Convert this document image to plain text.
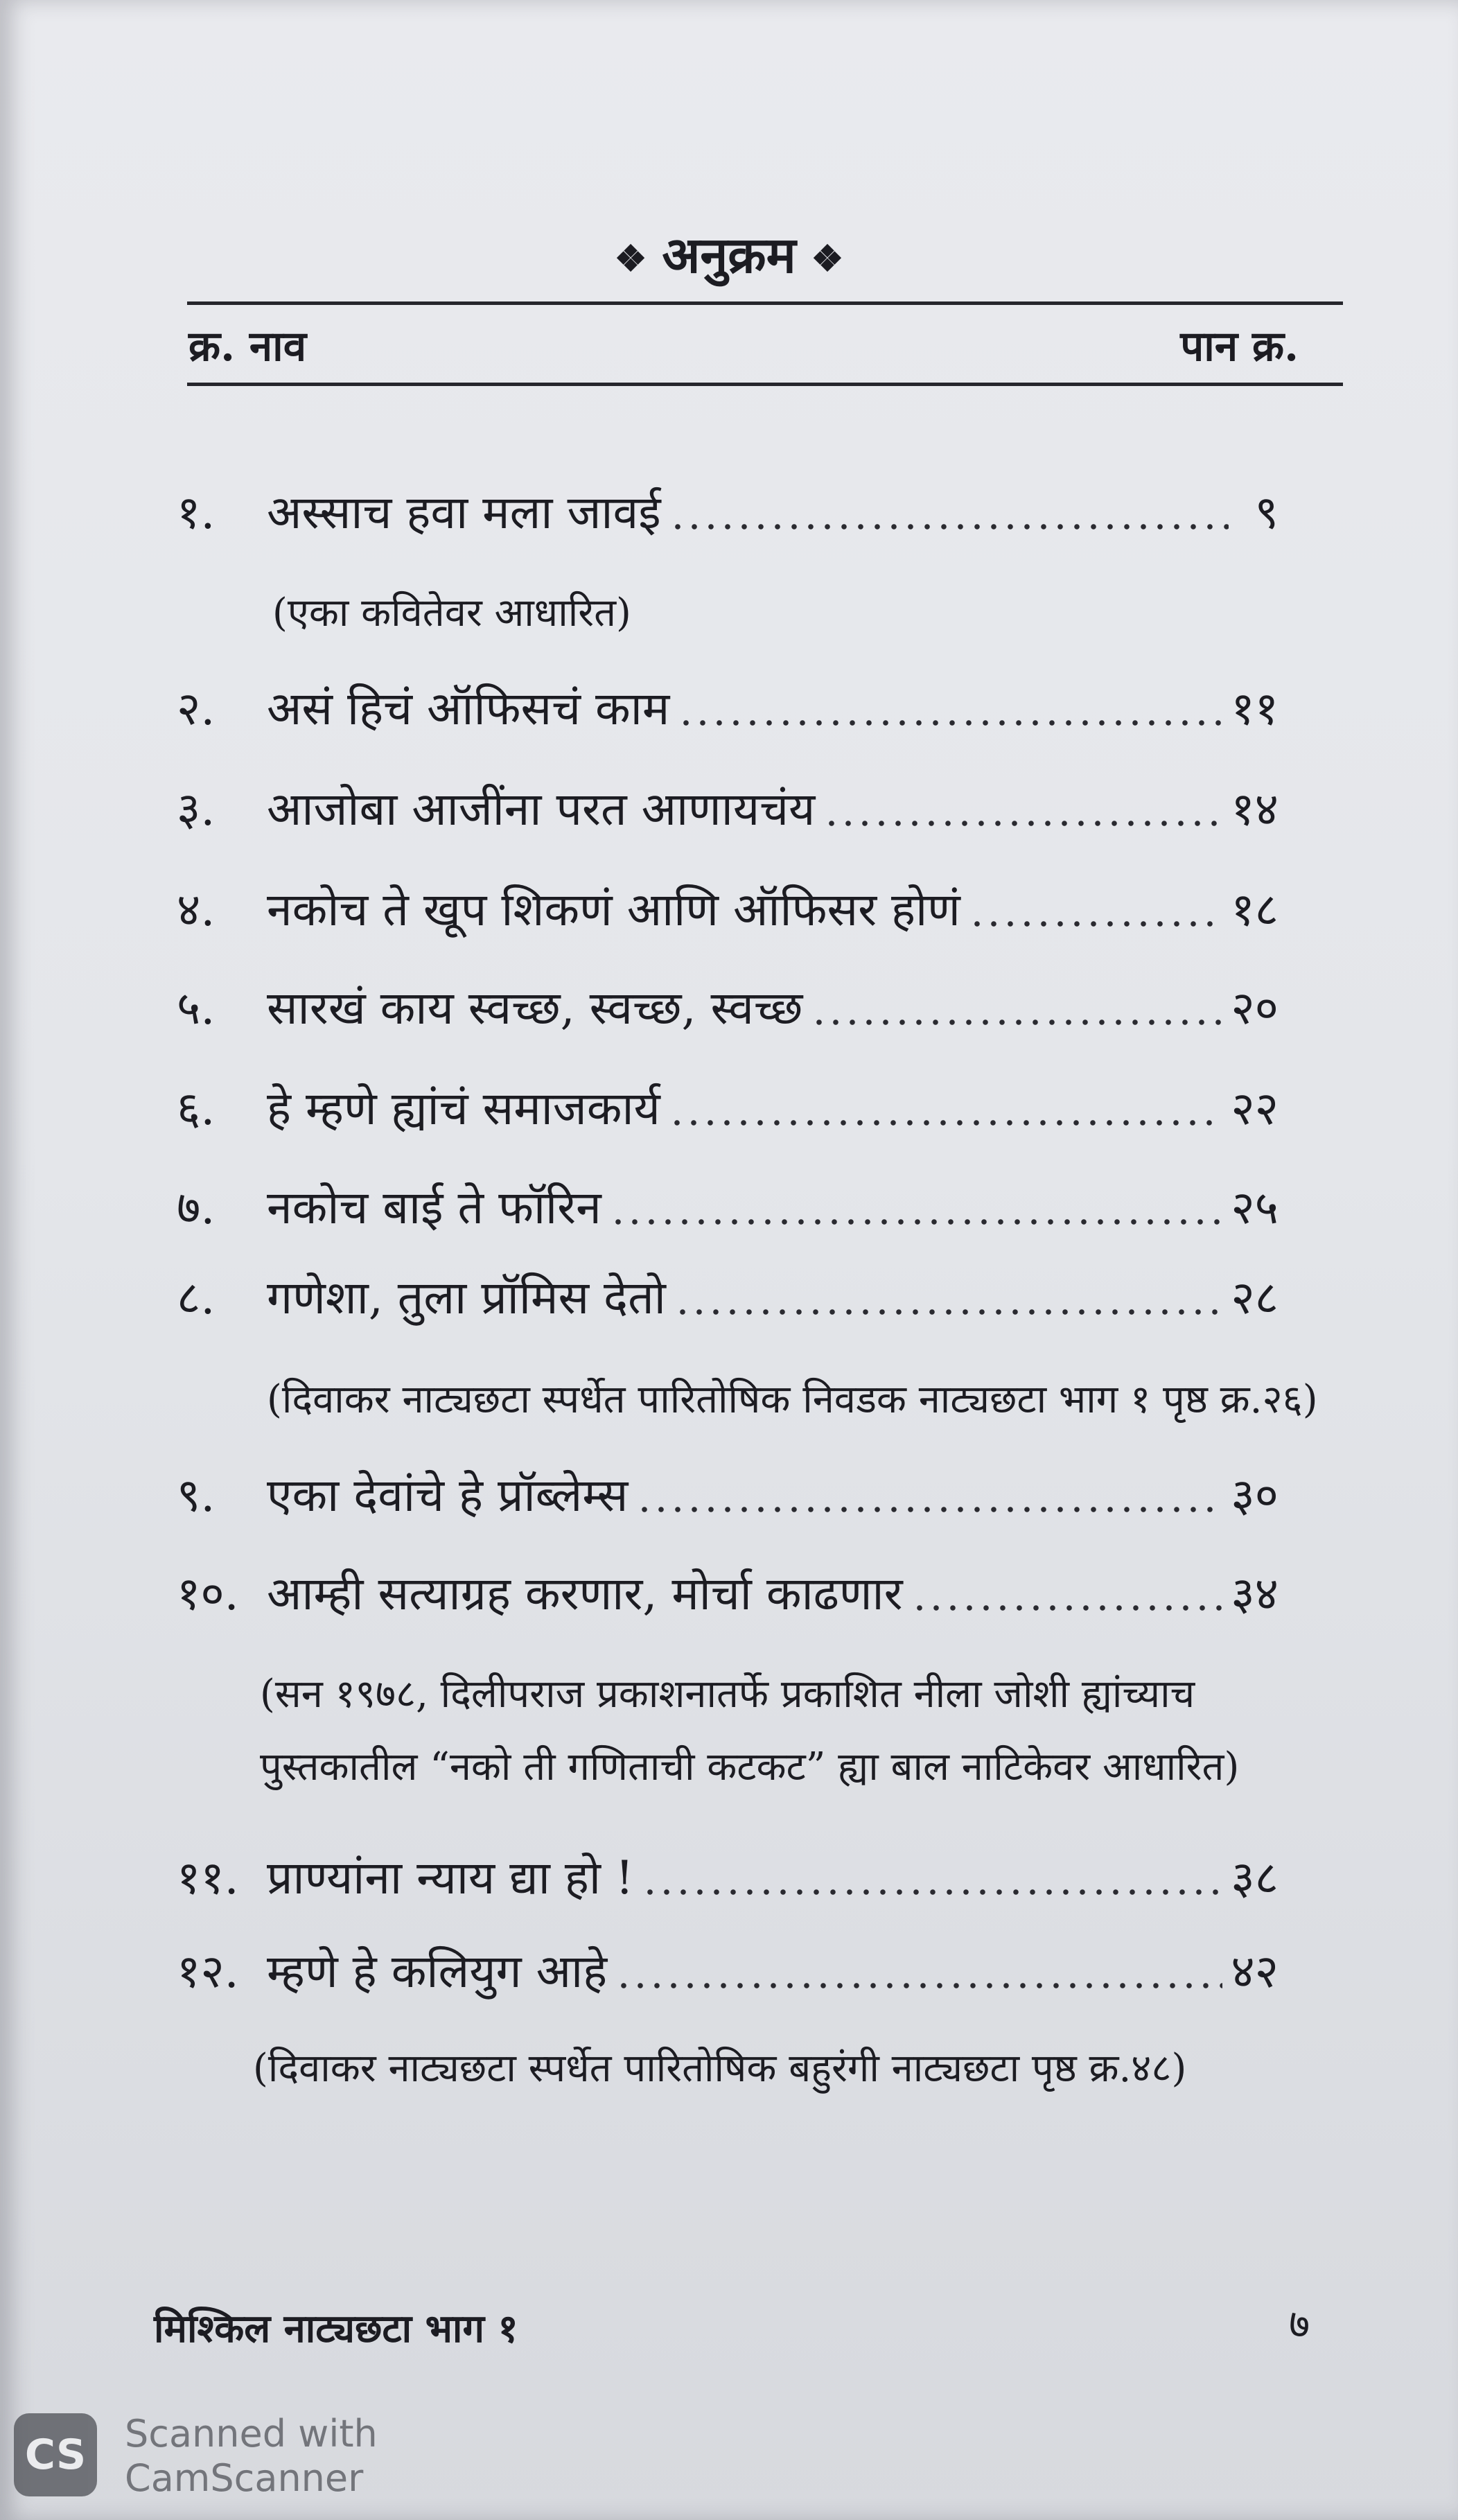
❖ अनुक्रम ❖
क्र. नाव	पान क्र.
१.	अस्साच हवा मला जावई	९
(एका कवितेवर आधारित)
२.	असं हिचं ऑफिसचं काम	११
३.	आजोबा आजींना परत आणायचंय	१४
४.	नकोच ते खूप शिकणं आणि ऑफिसर होणं	१८
५.	सारखं काय स्वच्छ, स्वच्छ, स्वच्छ	२०
६.	हे म्हणे ह्यांचं समाजकार्य	२२
७.	नकोच बाई ते फॉरिन	२५
८.	गणेशा, तुला प्रॉमिस देतो	२८
(दिवाकर नाट्यछटा स्पर्धेत पारितोषिक निवडक नाट्यछटा भाग १ पृष्ठ क्र.२६)
९.	एका देवांचे हे प्रॉब्लेम्स	३०
१०. आम्ही सत्याग्रह करणार, मोर्चा काढणार	३४
(सन १९७८, दिलीपराज प्रकाशनातर्फे प्रकाशित नीला जोशी ह्यांच्याच
पुस्तकातील “नको ती गणिताची कटकट” ह्या बाल नाटिकेवर आधारित)
११. प्राण्यांना न्याय द्या हो !	३८
१२. म्हणे हे कलियुग आहे	४२
(दिवाकर नाट्यछटा स्पर्धेत पारितोषिक बहुरंगी नाट्यछटा पृष्ठ क्र.४८)
मिश्किल नाट्यछटा भाग १	७
CS Scanned with
CamScanner
